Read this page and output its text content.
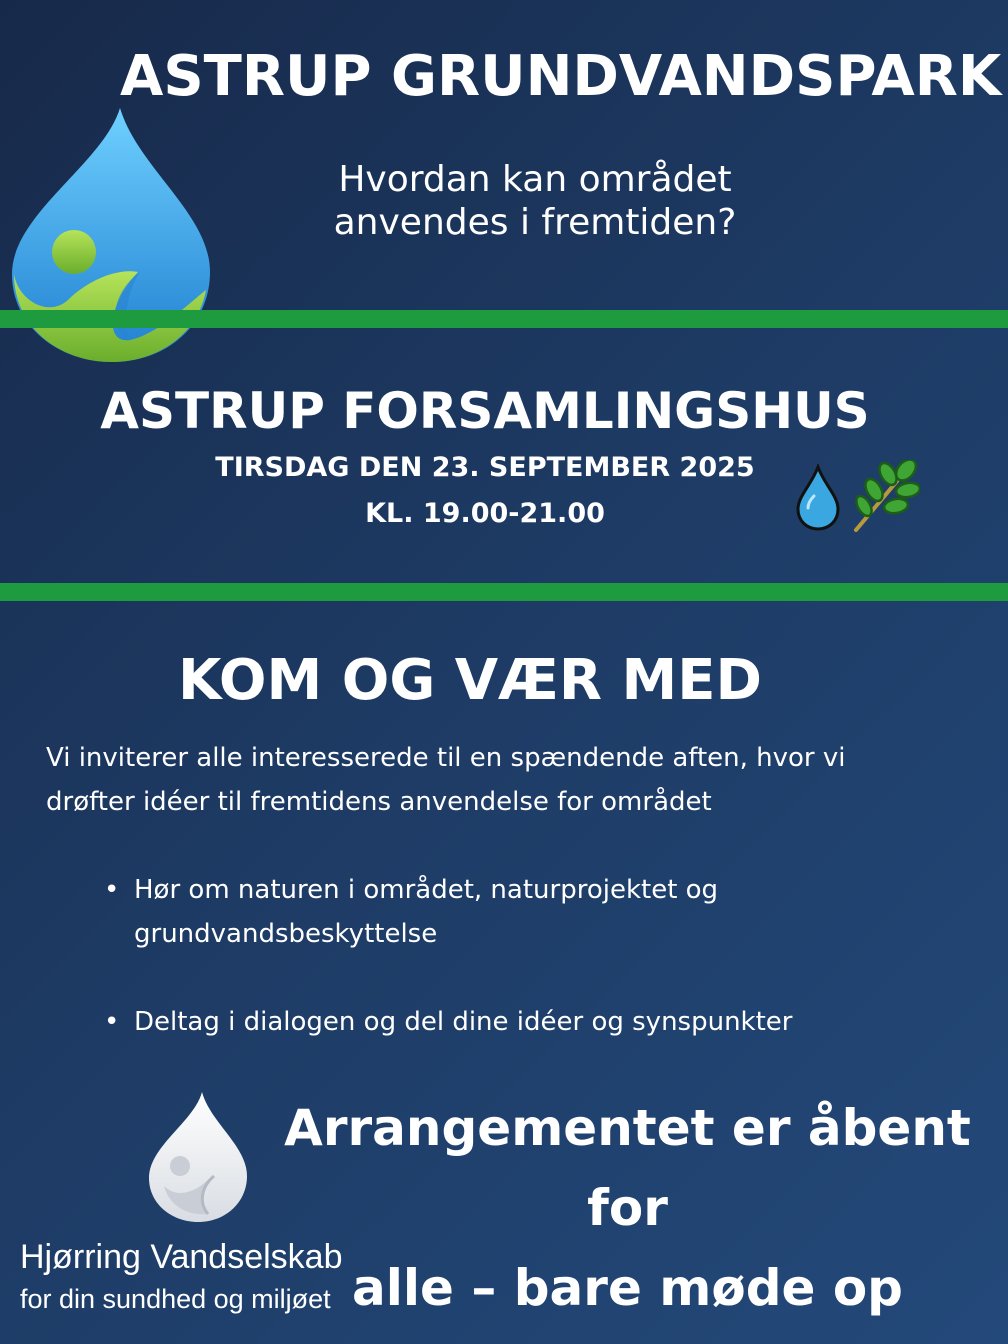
ASTRUP GRUNDVANDSPARK
Hvordan kan området
anvendes i fremtiden?
ASTRUP FORSAMLINGSHUS
TIRSDAG DEN 23. SEPTEMBER 2025
KL. 19.00-21.00
KOM OG VÆR MED
Vi inviterer alle interesserede til en spændende aften, hvor vi
drøfter idéer til fremtidens anvendelse for området
• Hør om naturen i området, naturprojektet og
grundvandsbeskyttelse
• Deltag i dialogen og del dine idéer og synspunkter
Arrangementet er åbent for
alle – bare møde op
Hjørring Vandselskab
for din sundhed og miljøet
